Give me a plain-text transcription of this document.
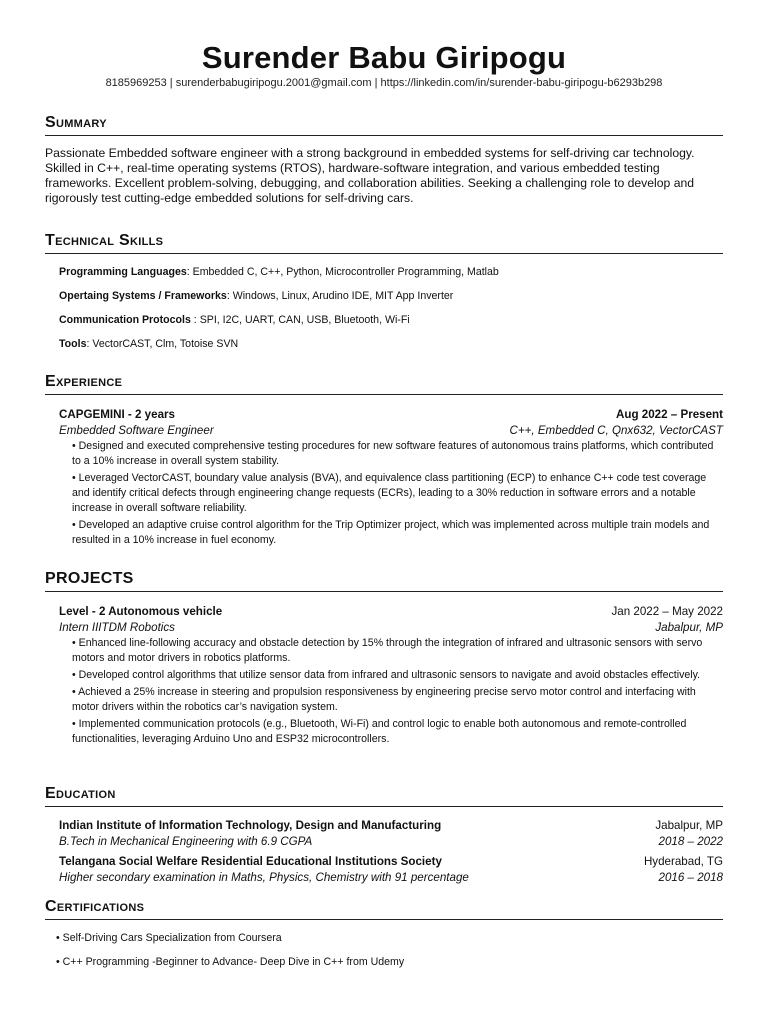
Surender Babu Giripogu
8185969253 | surenderbabugiripogu.2001@gmail.com | https://linkedin.com/in/surender-babu-giripogu-b6293b298
Summary
Passionate Embedded software engineer with a strong background in embedded systems for self-driving car technology. Skilled in C++, real-time operating systems (RTOS), hardware-software integration, and various embedded testing frameworks. Excellent problem-solving, debugging, and collaboration abilities. Seeking a challenging role to develop and rigorously test cutting-edge embedded solutions for self-driving cars.
Technical Skills
Programming Languages: Embedded C, C++, Python, Microcontroller Programming, Matlab
Opertaing Systems / Frameworks: Windows, Linux, Arudino IDE, MIT App Inverter
Communication Protocols : SPI, I2C, UART, CAN, USB, Bluetooth, Wi-Fi
Tools: VectorCAST, Clm, Totoise SVN
Experience
CAPGEMINI - 2 years	Aug 2022 – Present
Embedded Software Engineer	C++, Embedded C, Qnx632, VectorCAST
• Designed and executed comprehensive testing procedures for new software features of autonomous trains platforms, which contributed to a 10% increase in overall system stability.
• Leveraged VectorCAST, boundary value analysis (BVA), and equivalence class partitioning (ECP) to enhance C++ code test coverage and identify critical defects through engineering change requests (ECRs), leading to a 30% reduction in software errors and a notable increase in overall software reliability.
• Developed an adaptive cruise control algorithm for the Trip Optimizer project, which was implemented across multiple train models and resulted in a 10% increase in fuel economy.
PROJECTS
Level - 2 Autonomous vehicle	Jan 2022 – May 2022
Intern IIITDM Robotics	Jabalpur, MP
• Enhanced line-following accuracy and obstacle detection by 15% through the integration of infrared and ultrasonic sensors with servo motors and motor drivers in robotics platforms.
• Developed control algorithms that utilize sensor data from infrared and ultrasonic sensors to navigate and avoid obstacles effectively.
• Achieved a 25% increase in steering and propulsion responsiveness by engineering precise servo motor control and interfacing with motor drivers within the robotics car’s navigation system.
• Implemented communication protocols (e.g., Bluetooth, Wi-Fi) and control logic to enable both autonomous and remote-controlled functionalities, leveraging Arduino Uno and ESP32 microcontrollers.
Education
Indian Institute of Information Technology, Design and Manufacturing	Jabalpur, MP
B.Tech in Mechanical Engineering with 6.9 CGPA	2018 – 2022
Telangana Social Welfare Residential Educational Institutions Society	Hyderabad, TG
Higher secondary examination in Maths, Physics, Chemistry with 91 percentage	2016 – 2018
Certifications
• Self-Driving Cars Specialization from Coursera
• C++ Programming -Beginner to Advance- Deep Dive in C++ from Udemy
